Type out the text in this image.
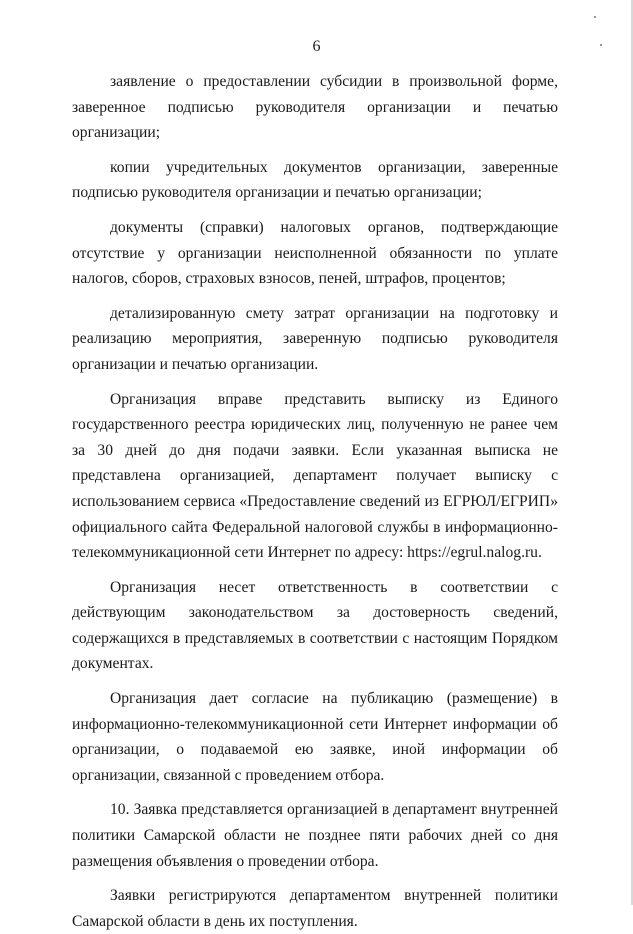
6

заявление о предоставлении субсидии в произвольной форме, заверенное подписью руководителя организации и печатью организации;

копии учредительных документов организации, заверенные подписью руководителя организации и печатью организации;

документы (справки) налоговых органов, подтверждающие отсутствие у организации неисполненной обязанности по уплате налогов, сборов, страховых взносов, пеней, штрафов, процентов;

детализированную смету затрат организации на подготовку и реализацию мероприятия, заверенную подписью руководителя организации и печатью организации.

Организация вправе представить выписку из Единого государственного реестра юридических лиц, полученную не ранее чем за 30 дней до дня подачи заявки. Если указанная выписка не представлена организацией, департамент получает выписку с использованием сервиса «Предоставление сведений из ЕГРЮЛ/ЕГРИП» официального сайта Федеральной налоговой службы в информационно-телекоммуникационной сети Интернет по адресу: https://egrul.nalog.ru.

Организация несет ответственность в соответствии с действующим законодательством за достоверность сведений, содержащихся в представляемых в соответствии с настоящим Порядком документах.

Организация дает согласие на публикацию (размещение) в информационно-телекоммуникационной сети Интернет информации об организации, о подаваемой ею заявке, иной информации об организации, связанной с проведением отбора.

10. Заявка представляется организацией в департамент внутренней политики Самарской области не позднее пяти рабочих дней со дня размещения объявления о проведении отбора.

Заявки регистрируются департаментом внутренней политики Самарской области в день их поступления.
